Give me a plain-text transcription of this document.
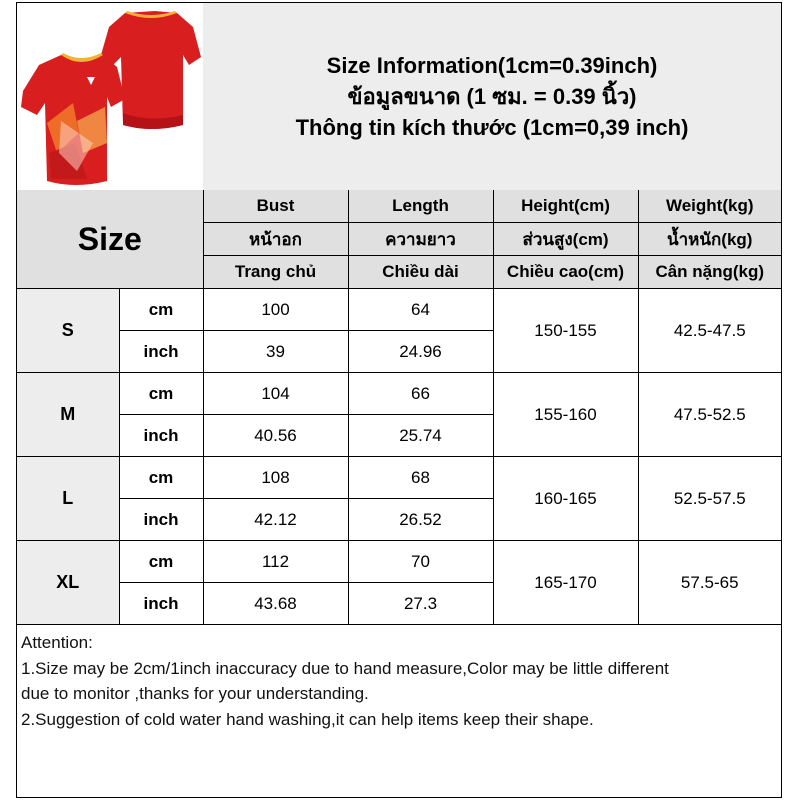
Size Information(1cm=0.39inch)
ข้อมูลขนาด (1 ซม. = 0.39 นิ้ว)
Thông tin kích thước (1cm=0,39 inch)
Size		Bust	Length	Height(cm)	Weight(kg)
		หน้าอก	ความยาว	ส่วนสูง(cm)	น้ำหนัก(kg)
		Trang chủ	Chiều dài	Chiều cao(cm)	Cân nặng(kg)
S	cm	100	64	150-155	42.5-47.5
	inch	39	24.96		
M	cm	104	66	155-160	47.5-52.5
	inch	40.56	25.74		
L	cm	108	68	160-165	52.5-57.5
	inch	42.12	26.52		
XL	cm	112	70	165-170	57.5-65
	inch	43.68	27.3		
Attention:
1.Size may be 2cm/1inch inaccuracy due to hand measure,Color may be little different
due to monitor ,thanks for your understanding.
2.Suggestion of cold water hand washing,it can help items keep their shape.
